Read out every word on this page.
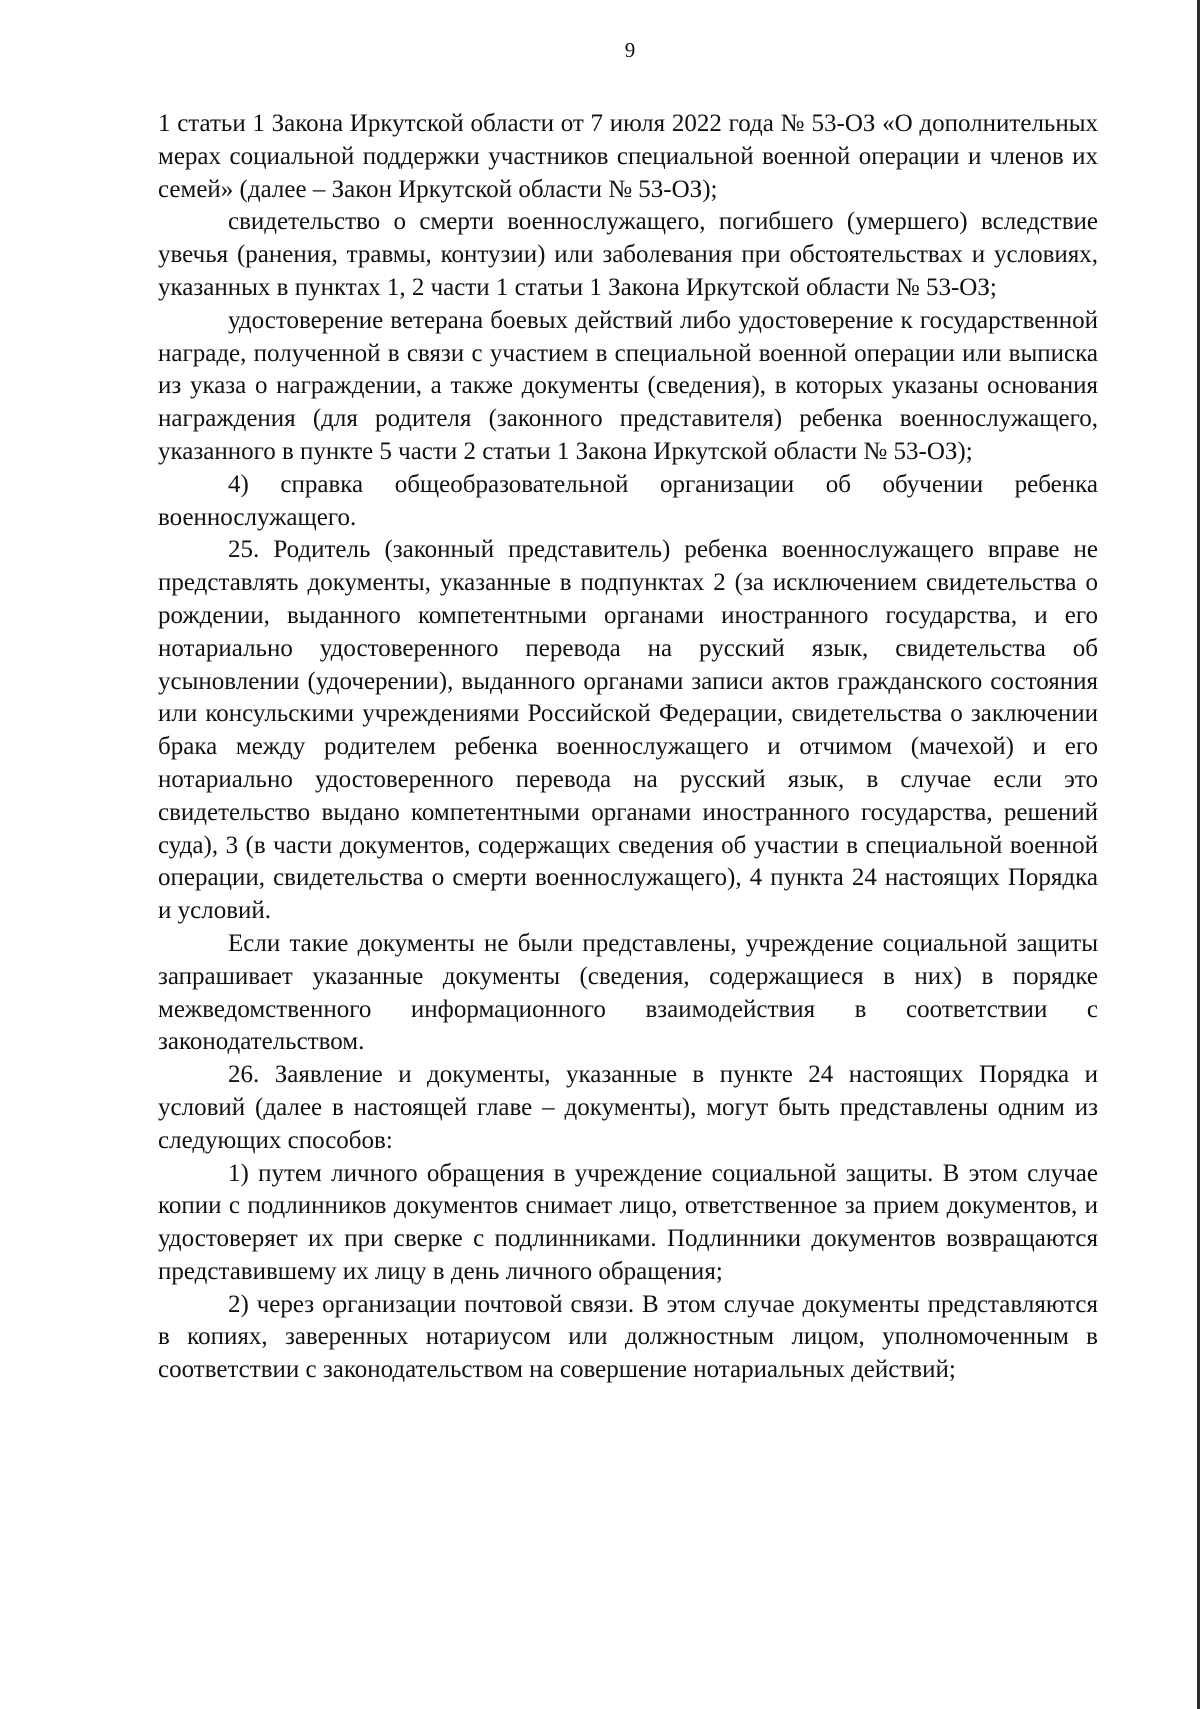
9

1 статьи 1 Закона Иркутской области от 7 июля 2022 года № 53-ОЗ «О дополнительных мерах социальной поддержки участников специальной военной операции и членов их семей» (далее – Закон Иркутской области № 53-ОЗ);

свидетельство о смерти военнослужащего, погибшего (умершего) вследствие увечья (ранения, травмы, контузии) или заболевания при обстоятельствах и условиях, указанных в пунктах 1, 2 части 1 статьи 1 Закона Иркутской области № 53-ОЗ;

удостоверение ветерана боевых действий либо удостоверение к государственной награде, полученной в связи с участием в специальной военной операции или выписка из указа о награждении, а также документы (сведения), в которых указаны основания награждения (для родителя (законного представителя) ребенка военнослужащего, указанного в пункте 5 части 2 статьи 1 Закона Иркутской области № 53-ОЗ);

4) справка общеобразовательной организации об обучении ребенка военнослужащего.

25. Родитель (законный представитель) ребенка военнослужащего вправе не представлять документы, указанные в подпунктах 2 (за исключением свидетельства о рождении, выданного компетентными органами иностранного государства, и его нотариально удостоверенного перевода на русский язык, свидетельства об усыновлении (удочерении), выданного органами записи актов гражданского состояния или консульскими учреждениями Российской Федерации, свидетельства о заключении брака между родителем ребенка военнослужащего и отчимом (мачехой) и его нотариально удостоверенного перевода на русский язык, в случае если это свидетельство выдано компетентными органами иностранного государства, решений суда), 3 (в части документов, содержащих сведения об участии в специальной военной операции, свидетельства о смерти военнослужащего), 4 пункта 24 настоящих Порядка и условий.

Если такие документы не были представлены, учреждение социальной защиты запрашивает указанные документы (сведения, содержащиеся в них) в порядке межведомственного информационного взаимодействия в соответствии с законодательством.

26. Заявление и документы, указанные в пункте 24 настоящих Порядка и условий (далее в настоящей главе – документы), могут быть представлены одним из следующих способов:

1) путем личного обращения в учреждение социальной защиты. В этом случае копии с подлинников документов снимает лицо, ответственное за прием документов, и удостоверяет их при сверке с подлинниками. Подлинники документов возвращаются представившему их лицу в день личного обращения;

2) через организации почтовой связи. В этом случае документы представляются в копиях, заверенных нотариусом или должностным лицом, уполномоченным в соответствии с законодательством на совершение нотариальных действий;
